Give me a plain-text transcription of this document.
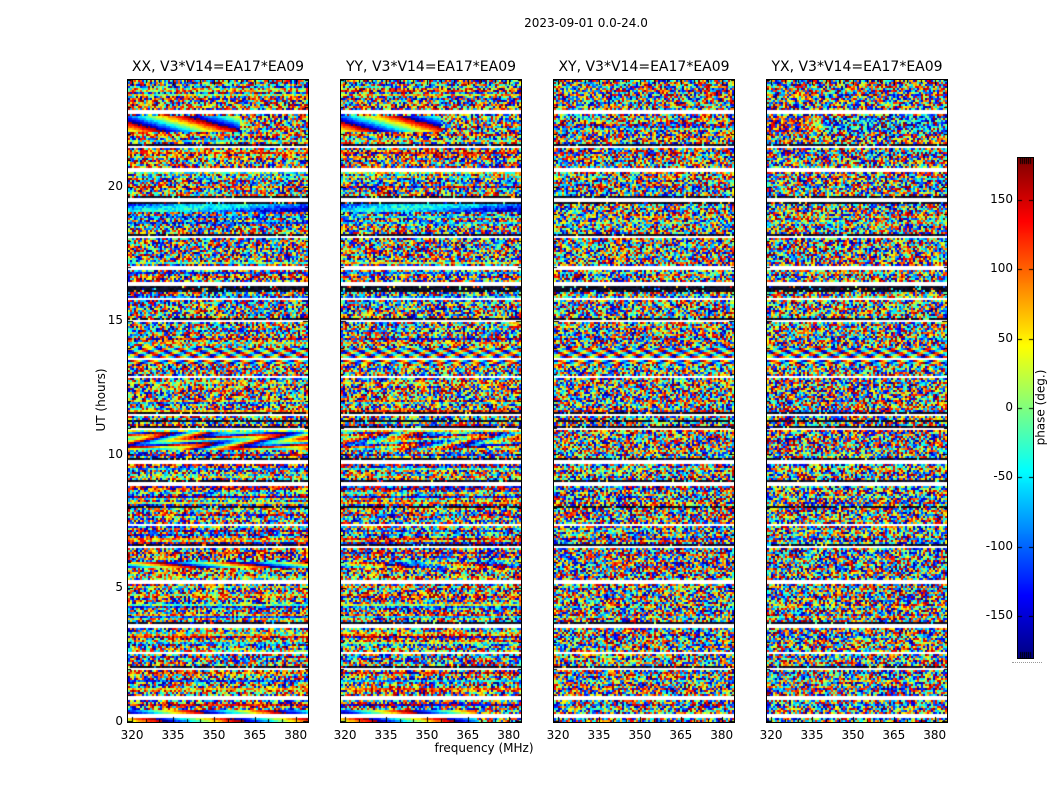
2023-09-01 0.0-24.0
UT (hours)
frequency (MHz)
XX, V3*V14=EA17*EA09	YY, V3*V14=EA17*EA09	XY, V3*V14=EA17*EA09	YX, V3*V14=EA17*EA09
0
5
10
15
20
320	335	350	365	380	320	335	350	365	380	320	335	350	365	380	320	335	350	365	380
150
100
50
0
-50
-100
-150
phase (deg.)
